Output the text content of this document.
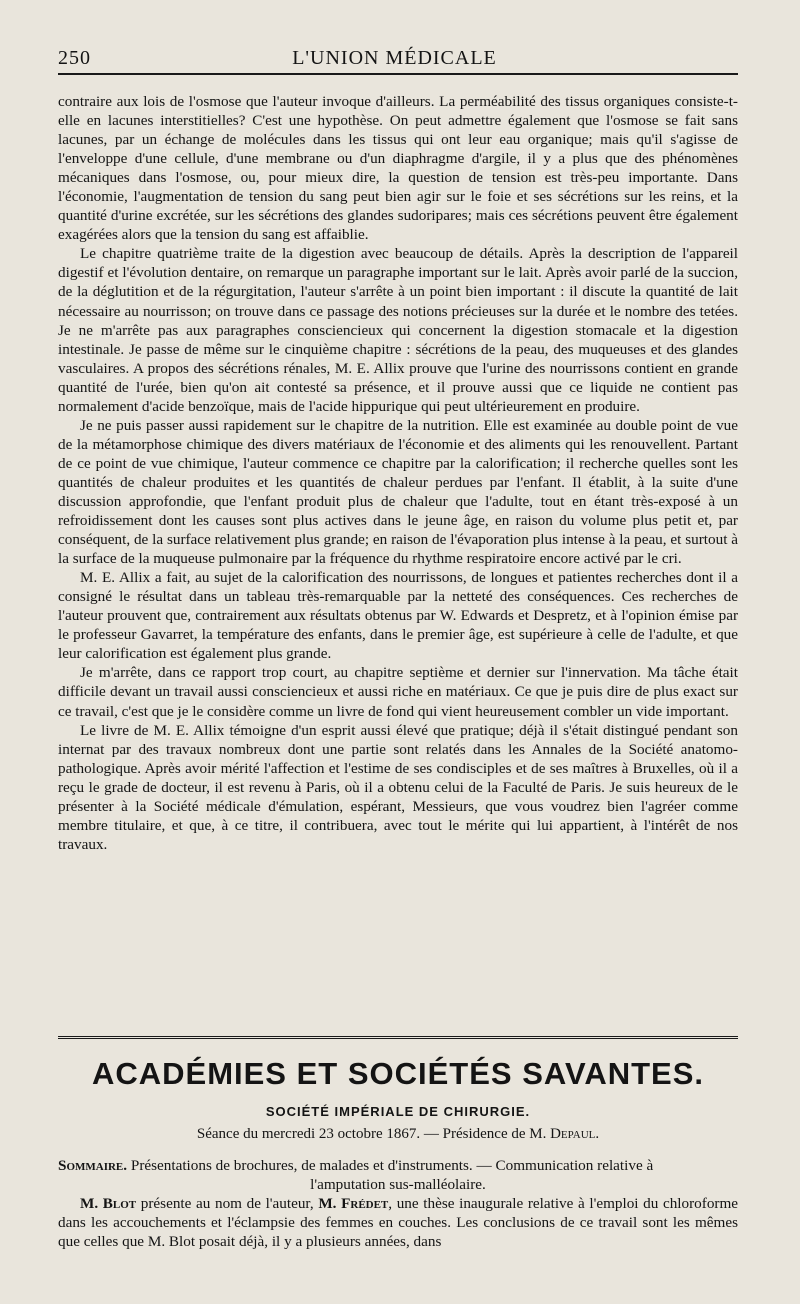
250	L'UNION MÉDICALE

contraire aux lois de l'osmose que l'auteur invoque d'ailleurs. La perméabilité des tissus organiques consiste-t-elle en lacunes interstitielles? C'est une hypothèse. On peut admettre également que l'osmose se fait sans lacunes, par un échange de molécules dans les tissus qui ont leur eau organique; mais qu'il s'agisse de l'enveloppe d'une cellule, d'une membrane ou d'un diaphragme d'argile, il y a plus que des phénomènes mécaniques dans l'osmose, ou, pour mieux dire, la question de tension est très-peu importante. Dans l'économie, l'augmentation de tension du sang peut bien agir sur le foie et ses sécrétions sur les reins, et la quantité d'urine excrétée, sur les sécrétions des glandes sudoripares; mais ces sécrétions peuvent être également exagérées alors que la tension du sang est affaiblie.

Le chapitre quatrième traite de la digestion avec beaucoup de détails. Après la description de l'appareil digestif et l'évolution dentaire, on remarque un paragraphe important sur le lait. Après avoir parlé de la succion, de la déglutition et de la régurgitation, l'auteur s'arrête à un point bien important : il discute la quantité de lait nécessaire au nourrisson; on trouve dans ce passage des notions précieuses sur la durée et le nombre des tetées. Je ne m'arrête pas aux paragraphes consciencieux qui concernent la digestion stomacale et la digestion intestinale. Je passe de même sur le cinquième chapitre : sécrétions de la peau, des muqueuses et des glandes vasculaires. A propos des sécrétions rénales, M. E. Allix prouve que l'urine des nourrissons contient en grande quantité de l'urée, bien qu'on ait contesté sa présence, et il prouve aussi que ce liquide ne contient pas normalement d'acide benzoïque, mais de l'acide hippurique qui peut ultérieurement en produire.

Je ne puis passer aussi rapidement sur le chapitre de la nutrition. Elle est examinée au double point de vue de la métamorphose chimique des divers matériaux de l'économie et des aliments qui les renouvellent. Partant de ce point de vue chimique, l'auteur commence ce chapitre par la calorification; il recherche quelles sont les quantités de chaleur produites et les quantités de chaleur perdues par l'enfant. Il établit, à la suite d'une discussion approfondie, que l'enfant produit plus de chaleur que l'adulte, tout en étant très-exposé à un refroidissement dont les causes sont plus actives dans le jeune âge, en raison du volume plus petit et, par conséquent, de la surface relativement plus grande; en raison de l'évaporation plus intense à la peau, et surtout à la surface de la muqueuse pulmonaire par la fréquence du rhythme respiratoire encore activé par le cri.

M. E. Allix a fait, au sujet de la calorification des nourrissons, de longues et patientes recherches dont il a consigné le résultat dans un tableau très-remarquable par la netteté des conséquences. Ces recherches de l'auteur prouvent que, contrairement aux résultats obtenus par W. Edwards et Despretz, et à l'opinion émise par le professeur Gavarret, la température des enfants, dans le premier âge, est supérieure à celle de l'adulte, et que leur calorification est également plus grande.

Je m'arrête, dans ce rapport trop court, au chapitre septième et dernier sur l'innervation. Ma tâche était difficile devant un travail aussi consciencieux et aussi riche en matériaux. Ce que je puis dire de plus exact sur ce travail, c'est que je le considère comme un livre de fond qui vient heureusement combler un vide important.

Le livre de M. E. Allix témoigne d'un esprit aussi élevé que pratique; déjà il s'était distingué pendant son internat par des travaux nombreux dont une partie sont relatés dans les Annales de la Société anatomo-pathologique. Après avoir mérité l'affection et l'estime de ses condisciples et de ses maîtres à Bruxelles, où il a reçu le grade de docteur, il est revenu à Paris, où il a obtenu celui de la Faculté de Paris. Je suis heureux de le présenter à la Société médicale d'émulation, espérant, Messieurs, que vous voudrez bien l'agréer comme membre titulaire, et que, à ce titre, il contribuera, avec tout le mérite qui lui appartient, à l'intérêt de nos travaux.

ACADÉMIES ET SOCIÉTÉS SAVANTES.
SOCIÉTÉ IMPÉRIALE DE CHIRURGIE.
Séance du mercredi 23 octobre 1867. — Présidence de M. Depaul.

Sommaire. Présentations de brochures, de malades et d'instruments. — Communication relative à

l'amputation sus-malléolaire.

M. Blot présente au nom de l'auteur, M. Frédet, une thèse inaugurale relative à l'emploi du chloroforme dans les accouchements et l'éclampsie des femmes en couches. Les conclusions de ce travail sont les mêmes que celles que M. Blot posait déjà, il y a plusieurs années, dans
